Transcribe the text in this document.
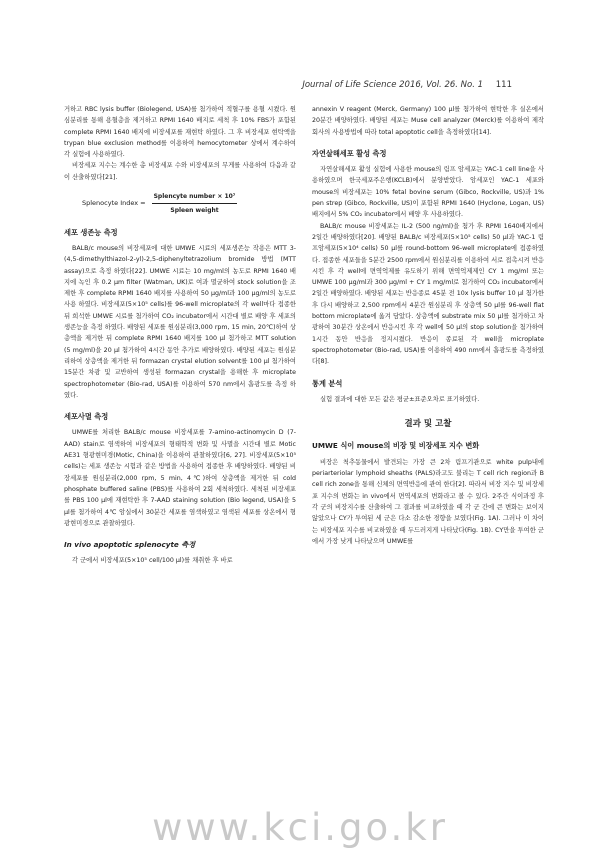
Journal of Life Science 2016, Vol. 26. No. 1 111

거하고 RBC lysis buffer (Biolegend, USA)를 첨가하여 적혈구를 용혈 시켰다. 원심분리를 통해 용혈층을 제거하고 RPMI 1640 배지로 세척 후 10% FBS가 포함된 complete RPMI 1640 배지에 비장세포를 재현탁 하였다. 그 후 비장세포 현탁액을 trypan blue exclusion method를 이용하여 hemocytometer 상에서 계수하여 각 실험에 사용하였다.

비장세포 지수는 계수한 총 비장세포 수와 비장세포의 무게를 사용하여 다음과 같이 산출하였다[21].

Splenocyte Index = $\frac{\text{Splencyte number × 10⁷}}{\text{Spleen weight}}$
세포 생존능 측정

BALB/c mouse의 비장세포에 대한 UMWE 시료의 세포생존능 작용은 MTT 3-(4,5-dimethylthiazol-2-yl)-2,5-diphenyltetrazolium bromide 방법 (MTT assay)으로 측정 하였다[22]. UMWE 시료는 10 mg/ml의 농도로 RPMI 1640 배지에 녹인 후 0.2 μm filter (Watman, UK)로 여과 멸균하여 stock solution을 조제한 후 complete RPMI 1640 배지를 사용하여 50 μg/ml과 100 μg/ml의 농도로 사용 하였다. 비장세포(5×10⁵ cells)를 96-well microplate의 각 well마다 접종한 뒤 희석한 UMWE 시료를 첨가하여 CO₂ incubator에서 시간대 별로 배양 후 세포의 생존능을 측정 하였다. 배양된 세포를 원심분리(3,000 rpm, 15 min, 20℃)하여 상층액을 제거한 뒤 complete RPMI 1640 배지를 100 μl 첨가하고 MTT solution (5 mg/ml)을 20 μl 첨가하여 4시간 동안 추가로 배양하였다. 배양된 세포는 원심분리하여 상층액을 제거한 뒤 formazan crystal elution solvent를 100 μl 첨가하여 15분간 차광 및 교반하여 생성된 formazan crystal을 용해한 후 microplate spectrophotometer (Bio-rad, USA)를 이용하여 570 nm에서 흡광도를 측정 하였다.

세포사멸 측정

UMWE를 처리한 BALB/c mouse 비장세포를 7-amino-actinomycin D (7-AAD) stain로 염색하여 비장세포의 형태학적 변화 및 사멸을 시간대 별로 Motic AE31 형광현미경(Motic, China)을 이용하여 관찰하였다[6, 27]. 비장세포(5×10⁵ cells)는 세포 생존능 시험과 같은 방법을 사용하여 접종한 후 배양하였다. 배양된 비장세포를 원심분리(2,000 rpm, 5 min, 4℃)하여 상층액을 제거한 뒤 cold phosphate buffered saline (PBS)를 사용하여 2회 세척하였다. 세척된 비장세포를 PBS 100 μl에 재현탁한 후 7-AAD staining solution (Bio legend, USA)을 5 μl를 첨가하여 4℃ 암실에서 30분간 세포를 염색하였고 염색된 세포를 상온에서 형광현미경으로 관찰하였다.

In vivo apoptotic splenocyte 측정

각 군에서 비장세포(5×10⁵ cell/100 μl)를 채취한 후 바로

annexin V reagent (Merck, Germany) 100 μl를 첨가하여 현탁한 후 실온에서 20분간 배양하였다. 배양된 세포는 Muse cell analyzer (Merck)를 이용하여 제작회사의 사용방법에 따라 total apoptotic cell을 측정하였다[14].

자연살해세포 활성 측정

자연살해세포 활성 실험에 사용한 mouse의 림프 암세포는 YAC-1 cell line을 사용하였으며 한국세포주은행(KCLB)에서 분양받았다. 암세포인 YAC-1 세포와 mouse의 비장세포는 10% fetal bovine serum (Gibco, Rockville, US)과 1% pen strep (Gibco, Rockville, US)이 포함된 RPMI 1640 (Hyclone, Logan, US)배지에서 5% CO₂ incubator에서 배양 후 사용하였다.

BALB/c mouse 비장세포는 IL-2 (500 ng/ml)을 첨가 후 RPMI 1640배지에서 2일간 배양하였다[20]. 배양된 BALB/c 비장세포(5×10⁵ cells) 50 μl과 YAC-1 림프암세포(5×10⁴ cells) 50 μl를 round-bottom 96-well microplate에 접종하였다. 접종한 세포들을 5분간 2500 rpm에서 원심분리를 이용하여 서로 접촉시켜 반응시킨 후 각 well에 면역억제를 유도하기 위해 면역억제제인 CY 1 mg/ml 또는 UMWE 100 μg/ml과 300 μg/ml + CY 1 mg/ml로 첨가하여 CO₂ incubator에서 2일간 배양하였다. 배양된 세포는 반응종료 45분 전 10x lysis buffer 10 μl 첨가한 후 다시 배양하고 2,500 rpm에서 4분간 원심분리 후 상층액 50 μl를 96-well flat bottom microplate에 옮겨 담았다. 상층액에 substrate mix 50 μl를 첨가하고 차광하여 30분간 상온에서 반응시킨 후 각 well에 50 μl의 stop solution을 첨가하여 1시간 동안 반응을 정지시켰다. 반응이 종료된 각 well을 microplate spectrophotometer (Bio-rad, USA)를 이용하여 490 nm에서 흡광도를 측정하였다[8].

통계 분석

실험 결과에 대한 모든 값은 평균±표준오차로 표기하였다.

결과 및 고찰
UMWE 식이 mouse의 비장 및 비장세포 지수 변화

비장은 척추동물에서 발견되는 가장 큰 2차 림프기관으로 white pulp내에 periarteriolar lymphoid sheaths (PALS)라고도 불리는 T cell rich region과 B cell rich zone을 통해 신체의 면역반응에 관여 한다[2]. 따라서 비장 지수 및 비장세포 지수의 변화는 in vivo에서 면역세포의 변화라고 볼 수 있다. 2주간 식이과정 후 각 군의 비장지수를 산출하여 그 결과를 비교하였을 때 각 군 간에 큰 변화는 보이지 않았으나 CY가 투여된 세 군은 다소 감소한 경향을 보였다(Fig. 1A). 그러나 이 차이는 비장세포 지수를 비교하였을 때 두드러지게 나타났다(Fig. 1B). CY만을 투여한 군에서 가장 낮게 나타났으며 UMWE를

www.kci.go.kr
